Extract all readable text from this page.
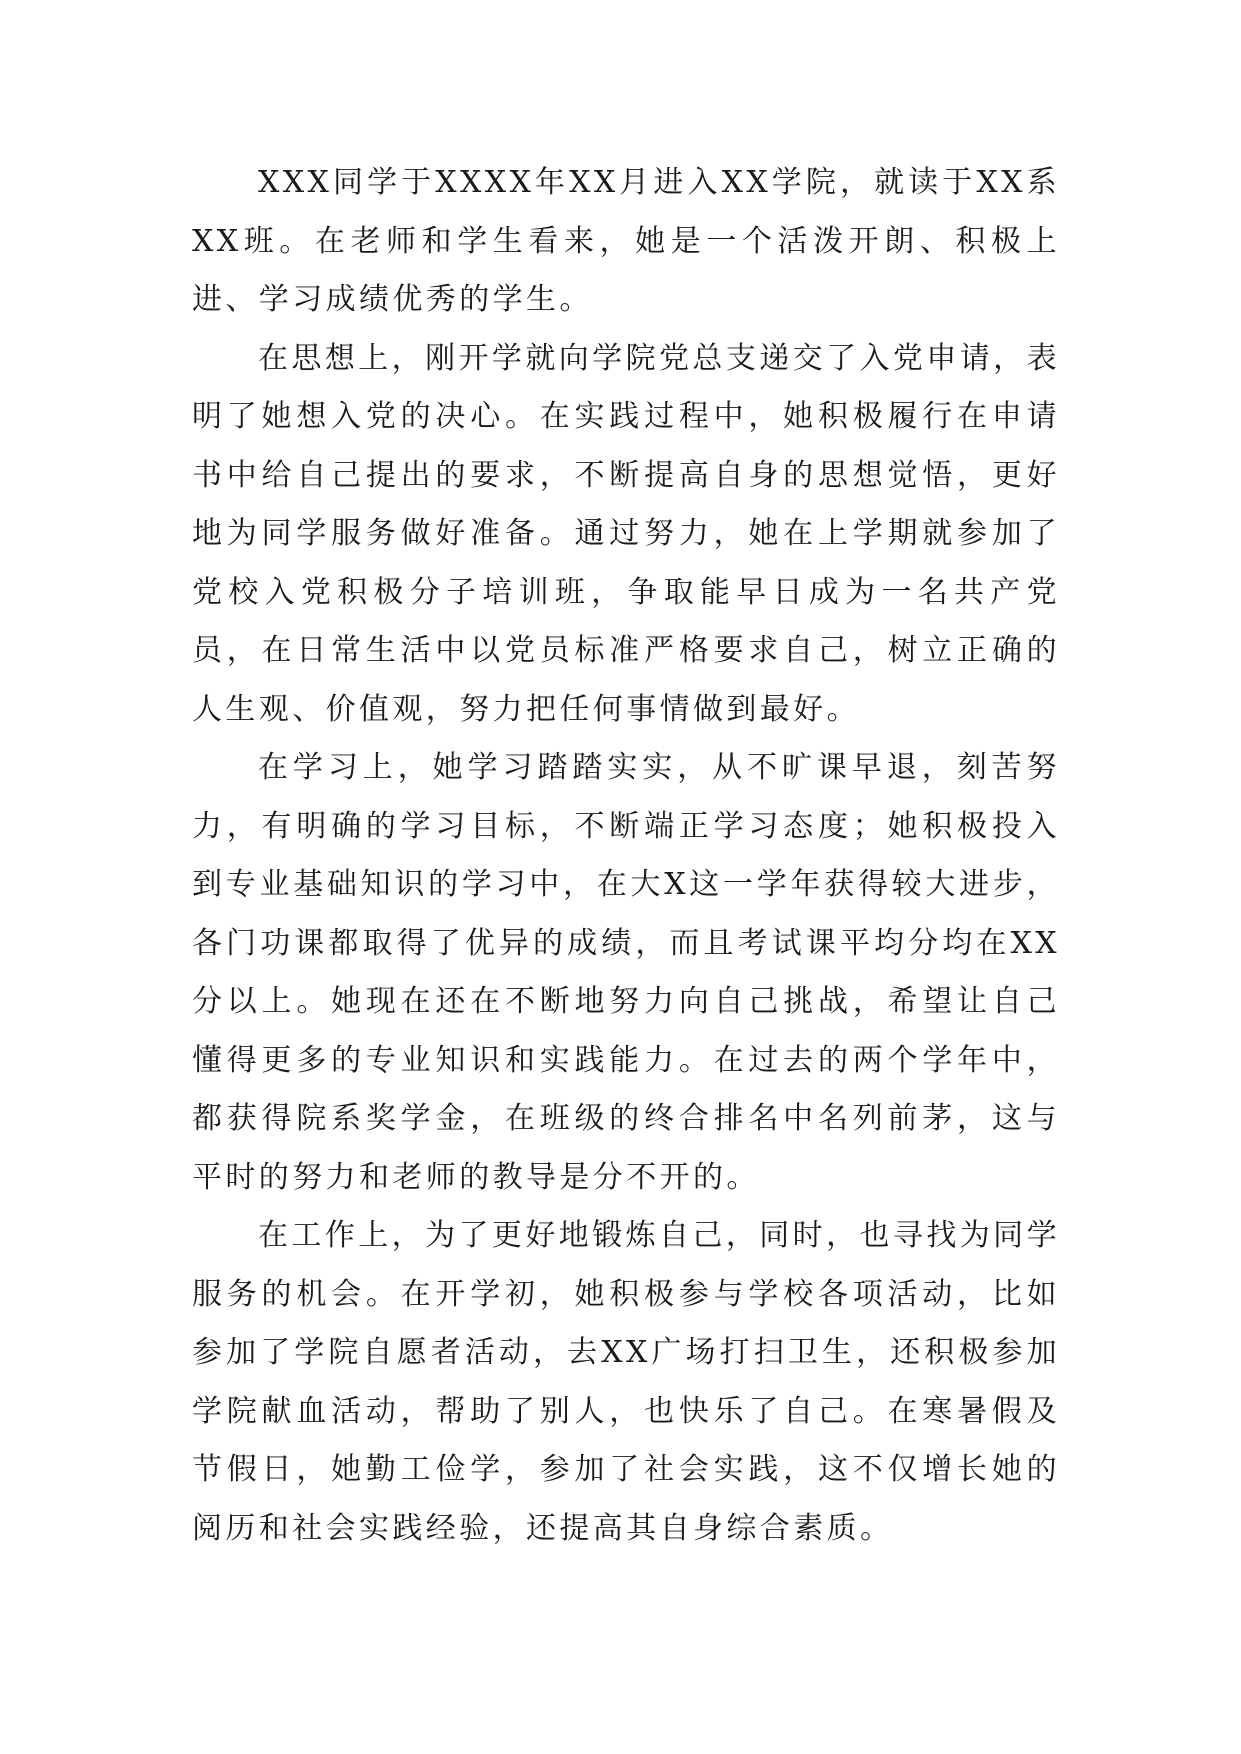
XXX同学于XXXX年XX月进入XX学院，就读于XX系XX班。在老师和学生看来，她是一个活泼开朗、积极上进、学习成绩优秀的学生。

在思想上，刚开学就向学院党总支递交了入党申请，表明了她想入党的决心。在实践过程中，她积极履行在申请书中给自己提出的要求，不断提高自身的思想觉悟，更好地为同学服务做好准备。通过努力，她在上学期就参加了党校入党积极分子培训班，争取能早日成为一名共产党员，在日常生活中以党员标准严格要求自己，树立正确的人生观、价值观，努力把任何事情做到最好。

在学习上，她学习踏踏实实，从不旷课早退，刻苦努力，有明确的学习目标，不断端正学习态度；她积极投入到专业基础知识的学习中，在大X这一学年获得较大进步，各门功课都取得了优异的成绩，而且考试课平均分均在XX分以上。她现在还在不断地努力向自己挑战，希望让自己懂得更多的专业知识和实践能力。在过去的两个学年中，都获得院系奖学金，在班级的终合排名中名列前茅，这与平时的努力和老师的教导是分不开的。

在工作上，为了更好地锻炼自己，同时，也寻找为同学服务的机会。在开学初，她积极参与学校各项活动，比如参加了学院自愿者活动，去XX广场打扫卫生，还积极参加学院献血活动，帮助了别人，也快乐了自己。在寒暑假及节假日，她勤工俭学，参加了社会实践，这不仅增长她的阅历和社会实践经验，还提高其自身综合素质。
